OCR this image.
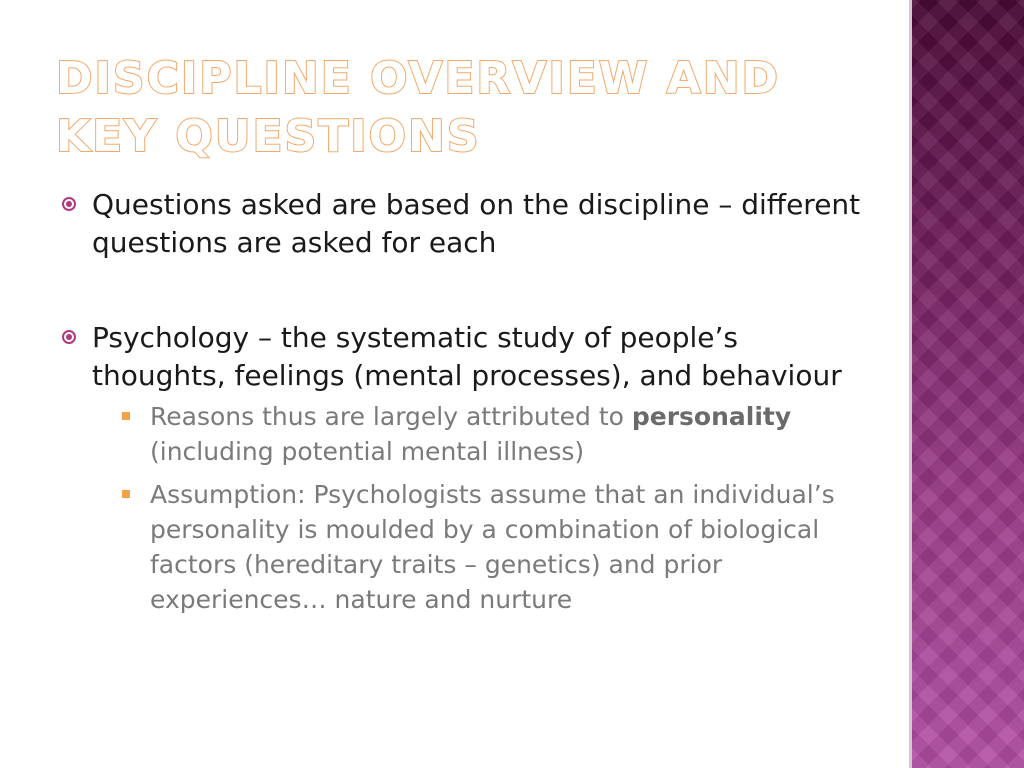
DISCIPLINE OVERVIEW AND KEY QUESTIONS
Questions asked are based on the discipline – different questions are asked for each
Psychology – the systematic study of people’s thoughts, feelings (mental processes), and behaviour
Reasons thus are largely attributed to personality (including potential mental illness)
Assumption: Psychologists assume that an individual’s personality is moulded by a combination of biological factors (hereditary traits – genetics) and prior experiences… nature and nurture
